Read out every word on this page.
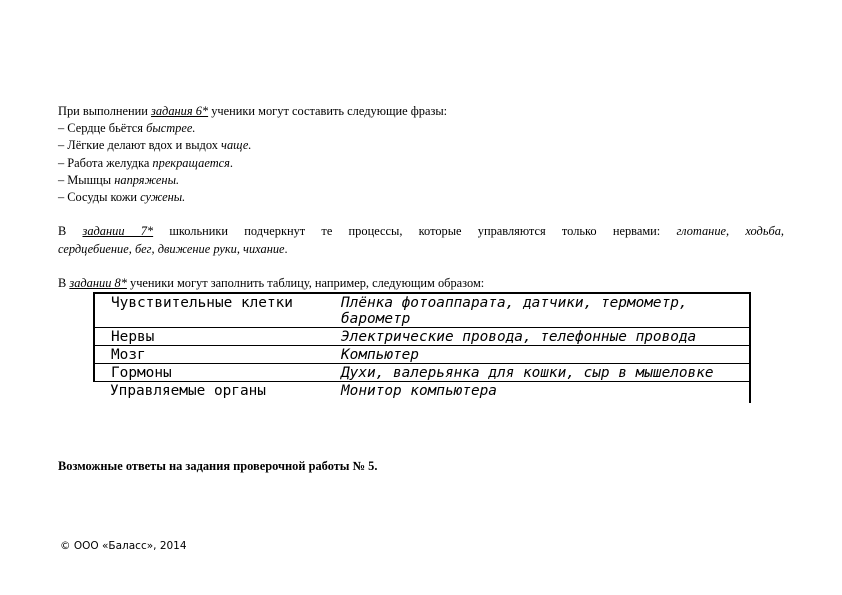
При выполнении задания 6* ученики могут составить следующие фразы:
– Сердце бьётся быстрее.
– Лёгкие делают вдох и выдох чаще.
– Работа желудка прекращается.
– Мышцы напряжены.
– Сосуды кожи сужены.
В задании 7* школьники подчеркнут те процессы, которые управляются только нервами: глотание, ходьба,
сердцебиение, бег, движение руки, чихание.
В задании 8* ученики могут заполнить таблицу, например, следующим образом:
Чувствительные клетки	Плёнка фотоаппарата, датчики, термометр, барометр
Нервы	Электрические провода, телефонные провода
Мозг	Компьютер
Гормоны	Духи, валерьянка для кошки, сыр в мышеловке
Управляемые органы	Монитор компьютера
Возможные ответы на задания проверочной работы № 5.
© ООО «Баласс», 2014
